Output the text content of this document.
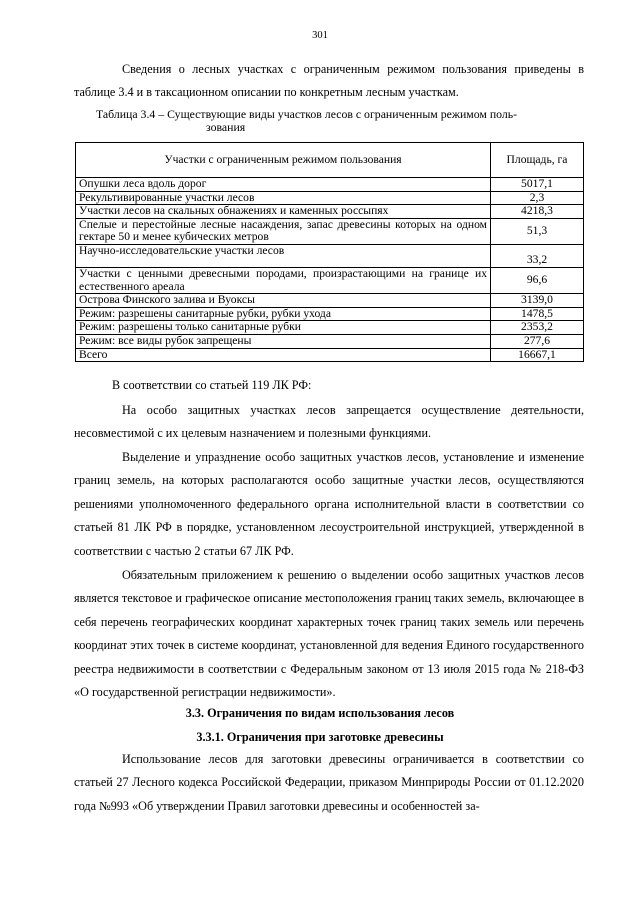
301

Сведения о лесных участках с ограниченным режимом пользования приведены в таблице 3.4 и в таксационном описании по конкретным лесным участкам.

Таблица 3.4 – Существующие виды участков лесов с ограниченным режимом поль-
зования
Участки с ограниченным режимом пользования	Площадь, га
Опушки леса вдоль дорог	5017,1
Рекультивированные участки лесов	2,3
Участки лесов на скальных обнажениях и каменных россыпях	4218,3
Спелые и перестойные лесные насаждения, запас древесины которых на одном гектаре 50 и менее кубических метров	51,3
Научно-исследовательские участки лесов	33,2
Участки с ценными древесными породами, произрастающими на границе их естественного ареала	96,6
Острова Финского залива и Вуоксы	3139,0
Режим: разрешены санитарные рубки, рубки ухода	1478,5
Режим: разрешены только санитарные рубки	2353,2
Режим: все виды рубок запрещены	277,6
Всего	16667,1

В соответствии со статьей 119 ЛК РФ:

На особо защитных участках лесов запрещается осуществление деятельности, несовместимой с их целевым назначением и полезными функциями.

Выделение и упразднение особо защитных участков лесов, установление и изменение границ земель, на которых располагаются особо защитные участки лесов, осуществляются решениями уполномоченного федерального органа исполнительной власти в соответствии со статьей 81 ЛК РФ в порядке, установленном лесоустроительной инструкцией, утвержденной в соответствии с частью 2 статьи 67 ЛК РФ.

Обязательным приложением к решению о выделении особо защитных участков лесов является текстовое и графическое описание местоположения границ таких земель, включающее в себя перечень географических координат характерных точек границ таких земель или перечень координат этих точек в системе координат, установленной для ведения Единого государственного реестра недвижимости в соответствии с Федеральным законом от 13 июля 2015 года № 218-ФЗ «О государственной регистрации недвижимости».

3.3. Ограничения по видам использования лесов

3.3.1. Ограничения при заготовке древесины

Использование лесов для заготовки древесины ограничивается в соответствии со статьей 27 Лесного кодекса Российской Федерации, приказом Минприроды России от 01.12.2020 года №993 «Об утверждении Правил заготовки древесины и особенностей за-
